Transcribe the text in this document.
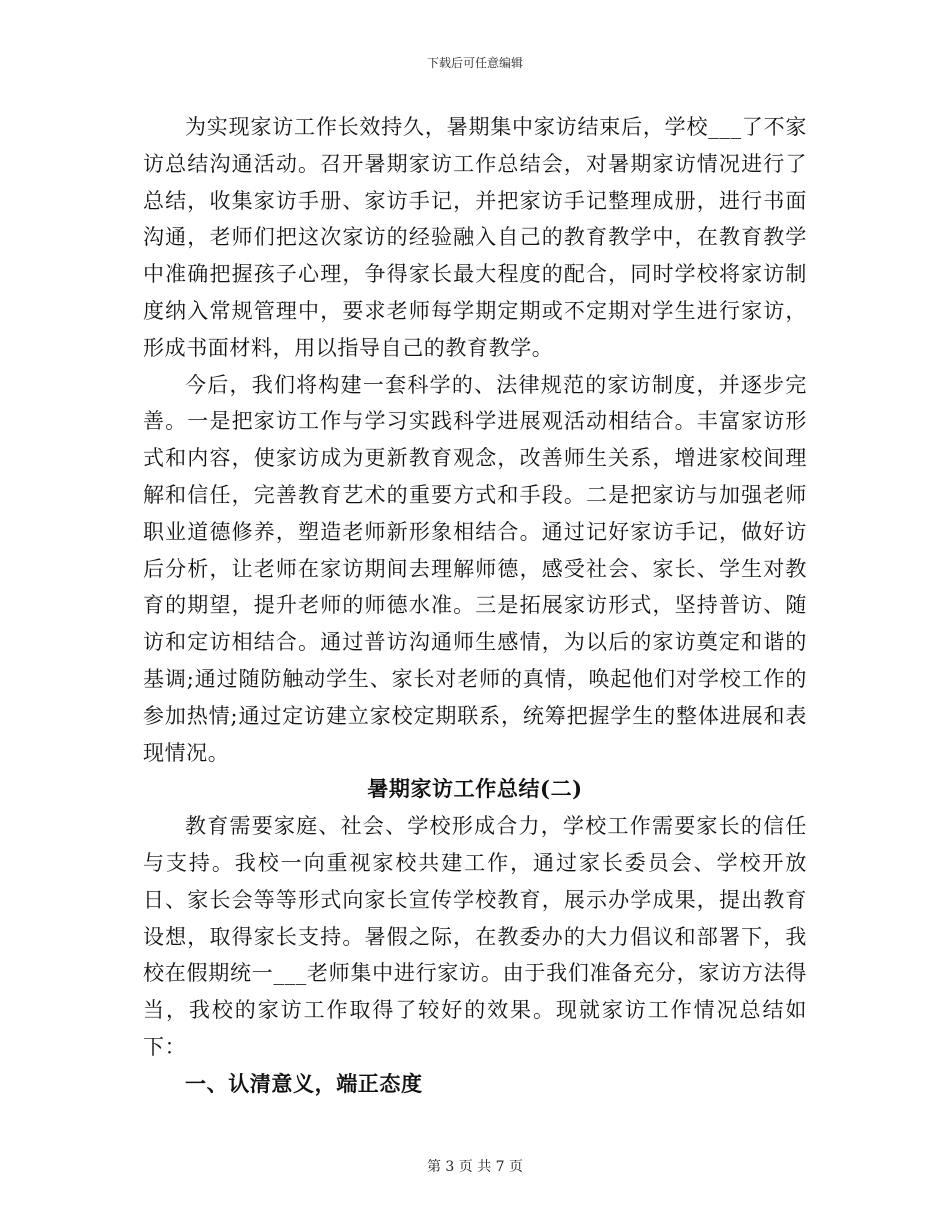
下载后可任意编辑

为实现家访工作长效持久，暑期集中家访结束后，学校___了不家访总结沟通活动。召开暑期家访工作总结会，对暑期家访情况进行了总结，收集家访手册、家访手记，并把家访手记整理成册，进行书面沟通，老师们把这次家访的经验融入自己的教育教学中，在教育教学中准确把握孩子心理，争得家长最大程度的配合，同时学校将家访制度纳入常规管理中，要求老师每学期定期或不定期对学生进行家访，形成书面材料，用以指导自己的教育教学。

今后，我们将构建一套科学的、法律规范的家访制度，并逐步完善。一是把家访工作与学习实践科学进展观活动相结合。丰富家访形式和内容，使家访成为更新教育观念，改善师生关系，增进家校间理解和信任，完善教育艺术的重要方式和手段。二是把家访与加强老师职业道德修养，塑造老师新形象相结合。通过记好家访手记，做好访后分析，让老师在家访期间去理解师德，感受社会、家长、学生对教育的期望，提升老师的师德水准。三是拓展家访形式，坚持普访、随访和定访相结合。通过普访沟通师生感情，为以后的家访奠定和谐的基调;通过随防触动学生、家长对老师的真情，唤起他们对学校工作的参加热情;通过定访建立家校定期联系，统筹把握学生的整体进展和表现情况。

暑期家访工作总结(二)

教育需要家庭、社会、学校形成合力，学校工作需要家长的信任与支持。我校一向重视家校共建工作，通过家长委员会、学校开放日、家长会等等形式向家长宣传学校教育，展示办学成果，提出教育设想，取得家长支持。暑假之际，在教委办的大力倡议和部署下，我校在假期统一___老师集中进行家访。由于我们准备充分，家访方法得当，我校的家访工作取得了较好的效果。现就家访工作情况总结如下：

一、认清意义，端正态度

第 3 页 共 7 页
